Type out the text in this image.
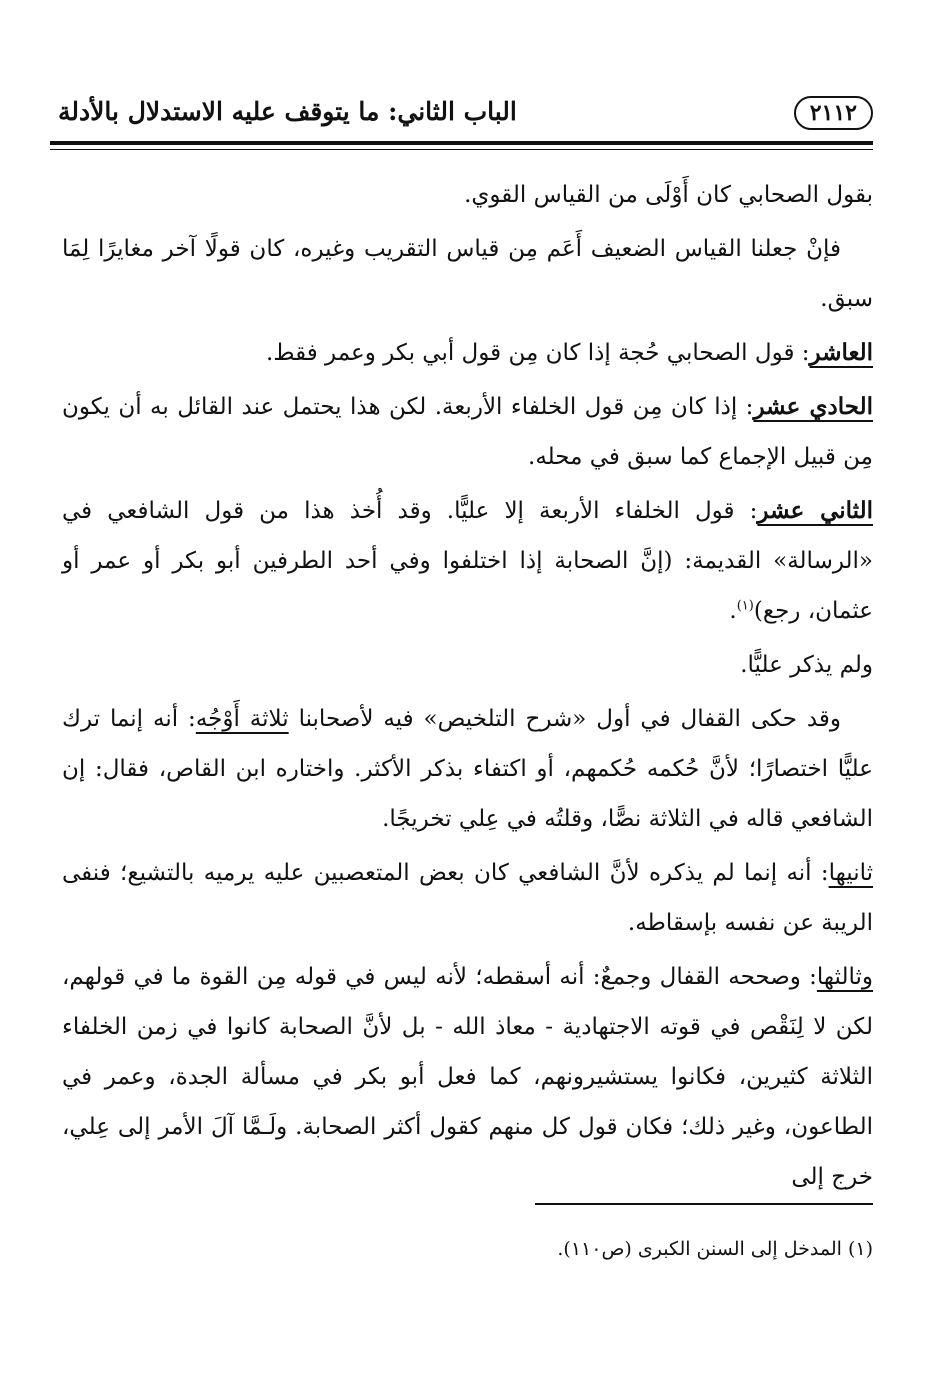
٢١١٢
الباب الثاني: ما يتوقف عليه الاستدلال بالأدلة

بقول الصحابي كان أَوْلَى من القياس القوي.

فإنْ جعلنا القياس الضعيف أَعَم مِن قياس التقريب وغيره، كان قولًا آخر مغايرًا لِمَا سبق.

العاشر: قول الصحابي حُجة إذا كان مِن قول أبي بكر وعمر فقط.

الحادي عشر: إذا كان مِن قول الخلفاء الأربعة. لكن هذا يحتمل عند القائل به أن يكون مِن قبيل الإجماع كما سبق في محله.

الثاني عشر: قول الخلفاء الأربعة إلا عليًّا. وقد أُخذ هذا من قول الشافعي في «الرسالة» القديمة: (إنَّ الصحابة إذا اختلفوا وفي أحد الطرفين أبو بكر أو عمر أو عثمان، رجع)$^{(١)}$.

ولم يذكر عليًّا.

وقد حكى القفال في أول «شرح التلخيص» فيه لأصحابنا ثلاثة أَوْجُه: أنه إنما ترك عليًّا اختصارًا؛ لأنَّ حُكمه حُكمهم، أو اكتفاء بذكر الأكثر. واختاره ابن القاص، فقال: إن الشافعي قاله في الثلاثة نصًّا، وقلتُه في عِلي تخريجًا.

ثانيها: أنه إنما لم يذكره لأنَّ الشافعي كان بعض المتعصبين عليه يرميه بالتشيع؛ فنفى الريبة عن نفسه بإسقاطه.

وثالثها: وصححه القفال وجمعٌ: أنه أسقطه؛ لأنه ليس في قوله مِن القوة ما في قولهم، لكن لا لِنَقْص في قوته الاجتهادية - معاذ الله - بل لأنَّ الصحابة كانوا في زمن الخلفاء الثلاثة كثيرين، فكانوا يستشيرونهم، كما فعل أبو بكر في مسألة الجدة، وعمر في الطاعون، وغير ذلك؛ فكان قول كل منهم كقول أكثر الصحابة. ولَـمَّا آلَ الأمر إلى عِلي، خرج إلى

(١) المدخل إلى السنن الكبرى (ص١١٠).
